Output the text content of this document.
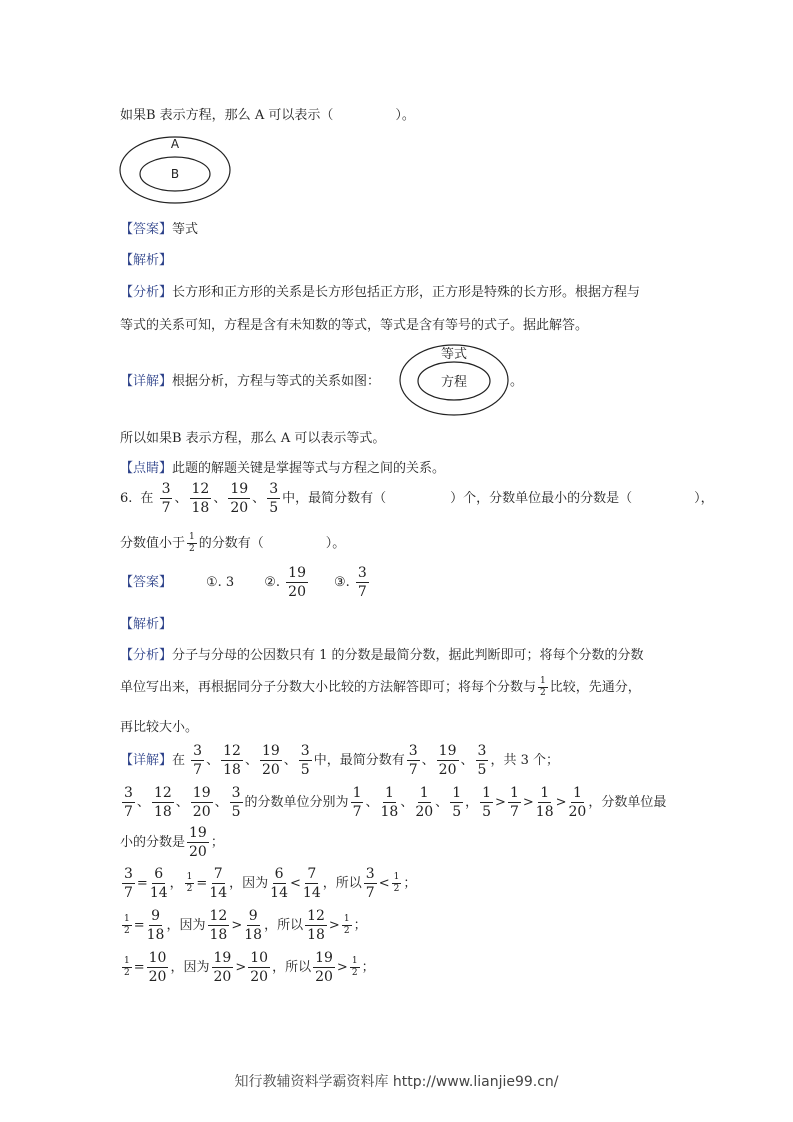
如果B 表示方程，那么 A 可以表示（	）。
A
B
【答案】等式
【解析】
【分析】长方形和正方形的关系是长方形包括正方形，正方形是特殊的长方形。根据方程与
等式的关系可知，方程是含有未知数的等式，等式是含有等号的式子。据此解答。
【详解】根据分析，方程与等式的关系如图：
等式
方程	。
所以如果B 表示方程，那么 A 可以表示等式。
【点睛】此题的解题关键是掌握等式与方程之间的关系。
6. 在 $\frac{3}{7}$ 、 $\frac{12}{18}$ 、 $\frac{19}{20}$ 、 $\frac{3}{5}$ 中，最简分数有（	）个，分数单位最小的分数是（	），
分数值小于 $\frac{1}{2}$ 的分数有（	）。
【答案】	①. 3 ②. $\frac{19}{20}$ ③. $\frac{3}{7}$
【解析】
【分析】分子与分母的公因数只有 1 的分数是最简分数，据此判断即可；将每个分数的分数
单位写出来，再根据同分子分数大小比较的方法解答即可；将每个分数与 $\frac{1}{2}$ 比较，先通分，
再比较大小。
【详解】在 $\frac{3}{7}$ 、 $\frac{12}{18}$ 、 $\frac{19}{20}$ 、 $\frac{3}{5}$ 中，最简分数有 $\frac{3}{7}$ 、 $\frac{19}{20}$ 、 $\frac{3}{5}$ ，共 3 个；
$\frac{3}{7}$ 、 $\frac{12}{18}$ 、 $\frac{19}{20}$ 、 $\frac{3}{5}$ 的分数单位分别为 $\frac{1}{7}$ 、 $\frac{1}{18}$ 、 $\frac{1}{20}$ 、 $\frac{1}{5}$ ， $\frac{1}{5} > \frac{1}{7} > \frac{1}{18} > \frac{1}{20}$ ，分数单位最
小的分数是 $\frac{19}{20}$ ；
$\frac{3}{7} = \frac{6}{14}$ ， $\frac{1}{2} = \frac{7}{14}$ ，因为 $\frac{6}{14} < \frac{7}{14}$ ，所以 $\frac{3}{7} < \frac{1}{2}$ ；
$\frac{1}{2} = \frac{9}{18}$ ，因为 $\frac{12}{18} > \frac{9}{18}$ ，所以 $\frac{12}{18} > \frac{1}{2}$ ；
$\frac{1}{2} = \frac{10}{20}$ ，因为 $\frac{19}{20} > \frac{10}{20}$ ，所以 $\frac{19}{20} > \frac{1}{2}$ ；
知行教辅资料学霸资料库 http://www.lianjie99.cn/
